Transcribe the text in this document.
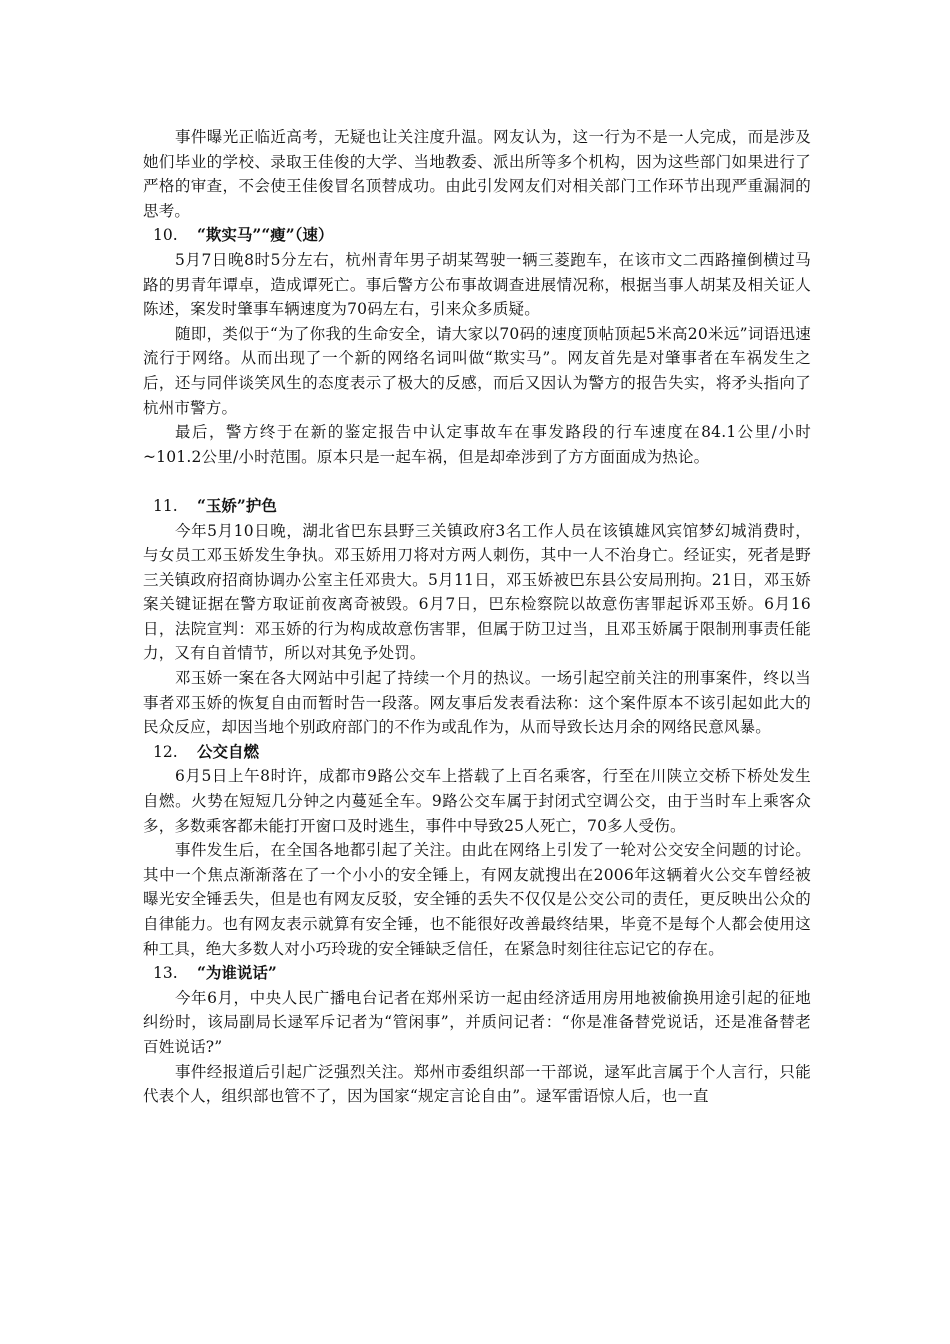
事件曝光正临近高考，无疑也让关注度升温。网友认为，这一行为不是一人完成，而是涉及她们毕业的学校、录取王佳俊的大学、当地教委、派出所等多个机构，因为这些部门如果进行了严格的审查，不会使王佳俊冒名顶替成功。由此引发网友们对相关部门工作环节出现严重漏洞的思考。

10. “欺实马”“瘦”（速）

5月7日晚8时5分左右，杭州青年男子胡某驾驶一辆三菱跑车，在该市文二西路撞倒横过马路的男青年谭卓，造成谭死亡。事后警方公布事故调查进展情况称，根据当事人胡某及相关证人陈述，案发时肇事车辆速度为70码左右，引来众多质疑。

随即，类似于“为了你我的生命安全，请大家以70码的速度顶帖顶起5米高20米远”词语迅速流行于网络。从而出现了一个新的网络名词叫做“欺实马”。网友首先是对肇事者在车祸发生之后，还与同伴谈笑风生的态度表示了极大的反感，而后又因认为警方的报告失实，将矛头指向了杭州市警方。

最后，警方终于在新的鉴定报告中认定事故车在事发路段的行车速度在84.1公里/小时~101.2公里/小时范围。原本只是一起车祸，但是却牵涉到了方方面面成为热论。

11. “玉娇”护色

今年5月10日晚，湖北省巴东县野三关镇政府3名工作人员在该镇雄风宾馆梦幻城消费时，与女员工邓玉娇发生争执。邓玉娇用刀将对方两人刺伤，其中一人不治身亡。经证实，死者是野三关镇政府招商协调办公室主任邓贵大。5月11日，邓玉娇被巴东县公安局刑拘。21日，邓玉娇案关键证据在警方取证前夜离奇被毁。6月7日，巴东检察院以故意伤害罪起诉邓玉娇。6月16日，法院宣判：邓玉娇的行为构成故意伤害罪，但属于防卫过当，且邓玉娇属于限制刑事责任能力，又有自首情节，所以对其免予处罚。

邓玉娇一案在各大网站中引起了持续一个月的热议。一场引起空前关注的刑事案件，终以当事者邓玉娇的恢复自由而暂时告一段落。网友事后发表看法称：这个案件原本不该引起如此大的民众反应，却因当地个别政府部门的不作为或乱作为，从而导致长达月余的网络民意风暴。

12. 公交自燃

6月5日上午8时许，成都市9路公交车上搭载了上百名乘客，行至在川陕立交桥下桥处发生自燃。火势在短短几分钟之内蔓延全车。9路公交车属于封闭式空调公交，由于当时车上乘客众多，多数乘客都未能打开窗口及时逃生，事件中导致25人死亡，70多人受伤。

事件发生后，在全国各地都引起了关注。由此在网络上引发了一轮对公交安全问题的讨论。其中一个焦点渐渐落在了一个小小的安全锤上，有网友就搜出在2006年这辆着火公交车曾经被曝光安全锤丢失，但是也有网友反驳，安全锤的丢失不仅仅是公交公司的责任，更反映出公众的自律能力。也有网友表示就算有安全锤，也不能很好改善最终结果，毕竟不是每个人都会使用这种工具，绝大多数人对小巧玲珑的安全锤缺乏信任，在紧急时刻往往忘记它的存在。

13. “为谁说话”

今年6月，中央人民广播电台记者在郑州采访一起由经济适用房用地被偷换用途引起的征地纠纷时，该局副局长逯军斥记者为“管闲事”，并质问记者：“你是准备替党说话，还是准备替老百姓说话?”

事件经报道后引起广泛强烈关注。郑州市委组织部一干部说，逯军此言属于个人言行，只能代表个人，组织部也管不了，因为国家“规定言论自由”。逯军雷语惊人后，也一直
